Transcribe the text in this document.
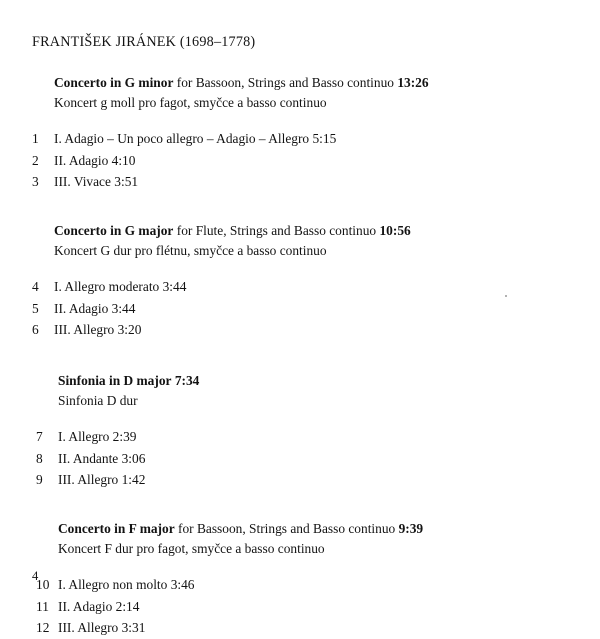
FRANTIŠEK JIRÁNEK (1698–1778)
Concerto in G minor for Bassoon, Strings and Basso continuo 13:26
Koncert g moll pro fagot, smyčce a basso continuo
1	I. Adagio – Un poco allegro – Adagio – Allegro 5:15
2	II. Adagio 4:10
3	III. Vivace 3:51
Concerto in G major for Flute, Strings and Basso continuo 10:56
Koncert G dur pro flétnu, smyčce a basso continuo
4	I. Allegro moderato 3:44
5	II. Adagio 3:44
6	III. Allegro 3:20
Sinfonia in D major 7:34
Sinfonia D dur
7	I. Allegro 2:39
8	II. Andante 3:06
9	III. Allegro 1:42
Concerto in F major for Bassoon, Strings and Basso continuo 9:39
Koncert F dur pro fagot, smyčce a basso continuo
10 I. Allegro non molto 3:46
11 II. Adagio 2:14
12 III. Allegro 3:31
4
